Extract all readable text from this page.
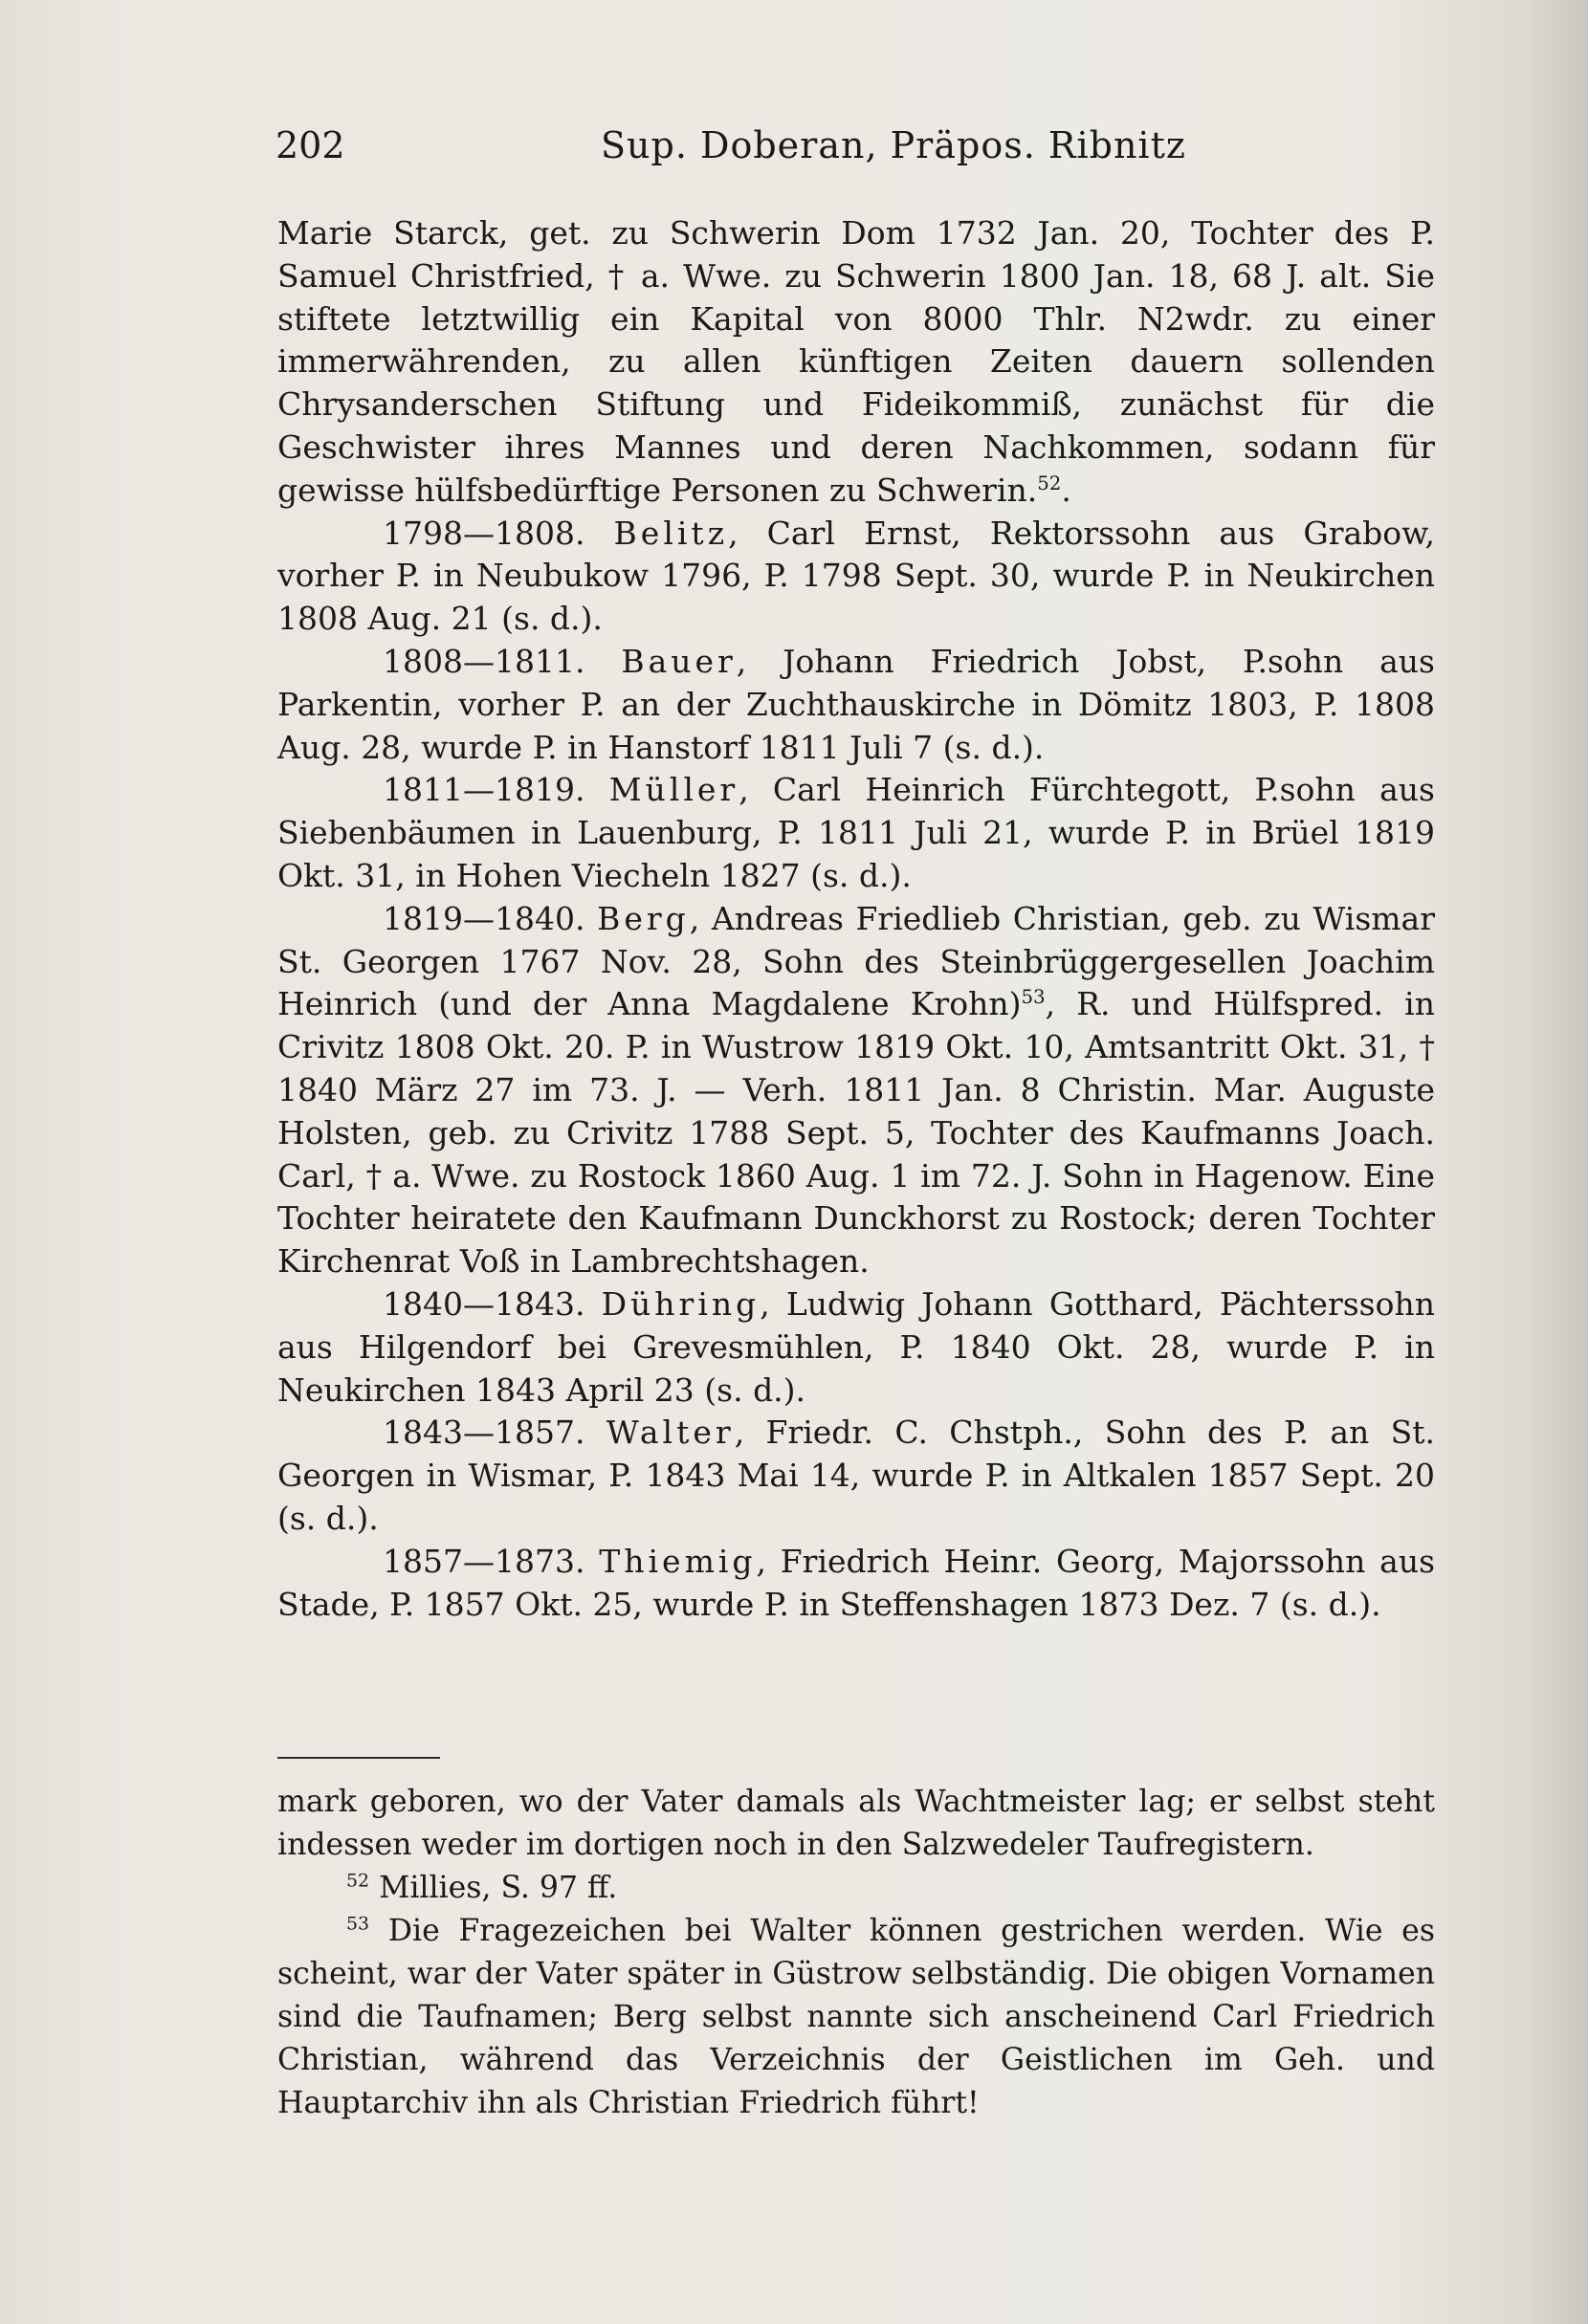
202	Sup. Doberan, Präpos. Ribnitz

Marie Starck, get. zu Schwerin Dom 1732 Jan. 20, Tochter des P. Samuel Christfried, † a. Wwe. zu Schwerin 1800 Jan. 18, 68 J. alt. Sie stiftete letztwillig ein Kapital von 8000 Thlr. N2wdr. zu einer immerwährenden, zu allen künftigen Zeiten dauern sollenden Chrysanderschen Stiftung und Fideikommiß, zunächst für die Geschwister ihres Mannes und deren Nachkommen, sodann für gewisse hülfsbedürftige Personen zu Schwerin.$^{52}$.

1798—1808. Belitz, Carl Ernst, Rektorssohn aus Grabow, vorher P. in Neubukow 1796, P. 1798 Sept. 30, wurde P. in Neukirchen 1808 Aug. 21 (s. d.).

1808—1811. Bauer, Johann Friedrich Jobst, P.sohn aus Parkentin, vorher P. an der Zuchthauskirche in Dömitz 1803, P. 1808 Aug. 28, wurde P. in Hanstorf 1811 Juli 7 (s. d.).

1811—1819. Müller, Carl Heinrich Fürchtegott, P.sohn aus Siebenbäumen in Lauenburg, P. 1811 Juli 21, wurde P. in Brüel 1819 Okt. 31, in Hohen Viecheln 1827 (s. d.).

1819—1840. Berg, Andreas Friedlieb Christian, geb. zu Wismar St. Georgen 1767 Nov. 28, Sohn des Steinbrüggergesellen Joachim Heinrich (und der Anna Magdalene Krohn)$^{53}$, R. und Hülfspred. in Crivitz 1808 Okt. 20. P. in Wustrow 1819 Okt. 10, Amtsantritt Okt. 31, † 1840 März 27 im 73. J. — Verh. 1811 Jan. 8 Christin. Mar. Auguste Holsten, geb. zu Crivitz 1788 Sept. 5, Tochter des Kaufmanns Joach. Carl, † a. Wwe. zu Rostock 1860 Aug. 1 im 72. J. Sohn in Hagenow. Eine Tochter heiratete den Kaufmann Dunckhorst zu Rostock; deren Tochter Kirchenrat Voß in Lambrechtshagen.

1840—1843. Dühring, Ludwig Johann Gotthard, Pächterssohn aus Hilgendorf bei Grevesmühlen, P. 1840 Okt. 28, wurde P. in Neukirchen 1843 April 23 (s. d.).

1843—1857. Walter, Friedr. C. Chstph., Sohn des P. an St. Georgen in Wismar, P. 1843 Mai 14, wurde P. in Altkalen 1857 Sept. 20 (s. d.).

1857—1873. Thiemig, Friedrich Heinr. Georg, Majorssohn aus Stade, P. 1857 Okt. 25, wurde P. in Steffenshagen 1873 Dez. 7 (s. d.).

mark geboren, wo der Vater damals als Wachtmeister lag; er selbst steht indessen weder im dortigen noch in den Salzwedeler Taufregistern.

$^{52}$ Millies, S. 97 ff.

$^{53}$ Die Fragezeichen bei Walter können gestrichen werden. Wie es scheint, war der Vater später in Güstrow selbständig. Die obigen Vornamen sind die Taufnamen; Berg selbst nannte sich anscheinend Carl Friedrich Christian, während das Verzeichnis der Geistlichen im Geh. und Hauptarchiv ihn als Christian Friedrich führt!
